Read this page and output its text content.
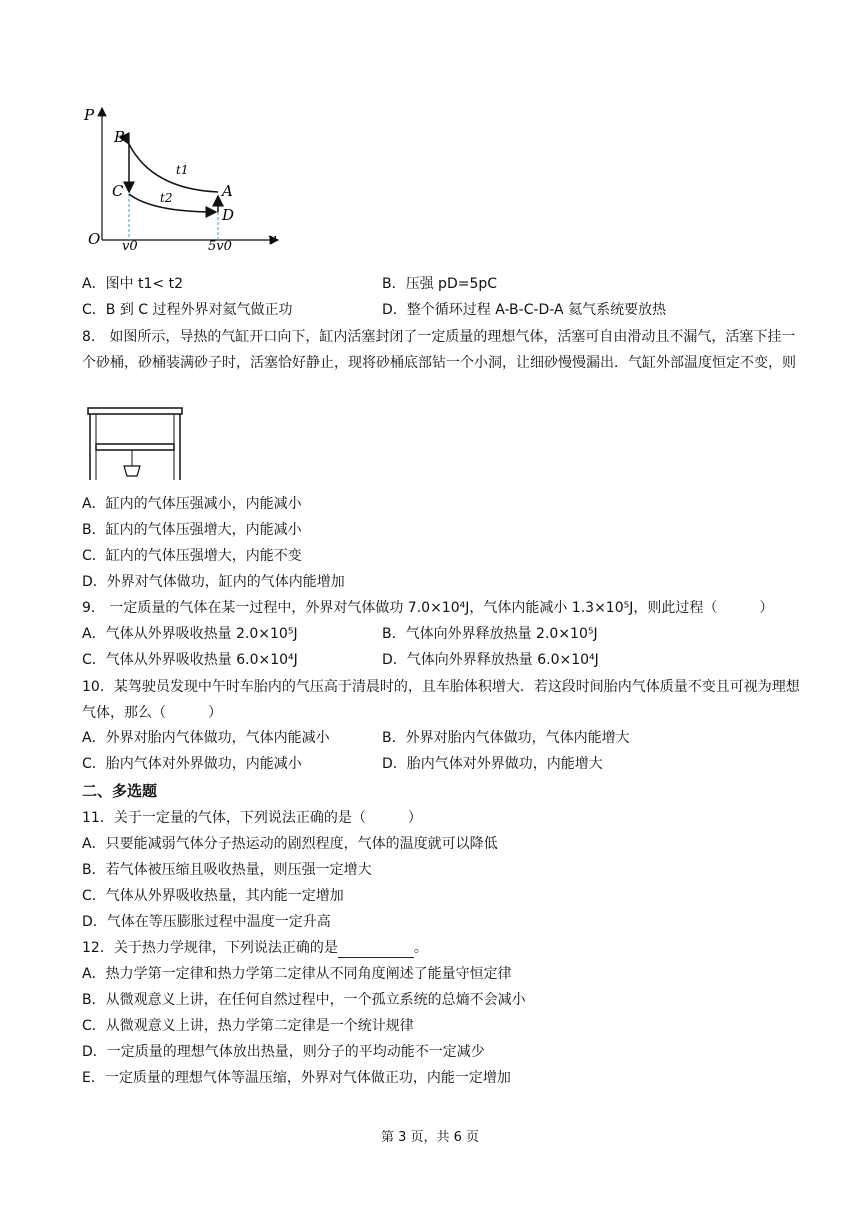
P
v
O
B
C	A
D
t1
t2
v0	5v0
A．图中 t1< t2	B．压强 pD=5pC
C．B 到 C 过程外界对氦气做正功	D．整个循环过程 A-B-C-D-A 氦气系统要放热
8． 如图所示，导热的气缸开口向下，缸内活塞封闭了一定质量的理想气体，活塞可自由滑动且不漏气，活塞下挂一个砂桶，砂桶装满砂子时，活塞恰好静止，现将砂桶底部钻一个小洞，让细砂慢慢漏出．气缸外部温度恒定不变，则
A．缸内的气体压强减小，内能减小
B．缸内的气体压强增大，内能减小
C．缸内的气体压强增大，内能不变
D．外界对气体做功，缸内的气体内能增加
9． 一定质量的气体在某一过程中，外界对气体做功 7.0×10⁴J，气体内能减小 1.3×10⁵J，则此过程（　　　）
A．气体从外界吸收热量 2.0×10⁵J	B．气体向外界释放热量 2.0×10⁵J
C．气体从外界吸收热量 6.0×10⁴J	D．气体向外界释放热量 6.0×10⁴J
10．某驾驶员发现中午时车胎内的气压高于清晨时的，且车胎体积增大．若这段时间胎内气体质量不变且可视为理想气体，那么（　　　）
A．外界对胎内气体做功，气体内能减小	B．外界对胎内气体做功，气体内能增大
C．胎内气体对外界做功，内能减小	D．胎内气体对外界做功，内能增大
二、多选题
11．关于一定量的气体，下列说法正确的是（　　　）
A．只要能减弱气体分子热运动的剧烈程度，气体的温度就可以降低
B．若气体被压缩且吸收热量，则压强一定增大
C．气体从外界吸收热量，其内能一定增加
D．气体在等压膨胀过程中温度一定升高
12．关于热力学规律，下列说法正确的是	。
A．热力学第一定律和热力学第二定律从不同角度阐述了能量守恒定律
B．从微观意义上讲，在任何自然过程中，一个孤立系统的总熵不会减小
C．从微观意义上讲，热力学第二定律是一个统计规律
D．一定质量的理想气体放出热量，则分子的平均动能不一定减少
E．一定质量的理想气体等温压缩，外界对气体做正功，内能一定增加
第 3 页，共 6 页
